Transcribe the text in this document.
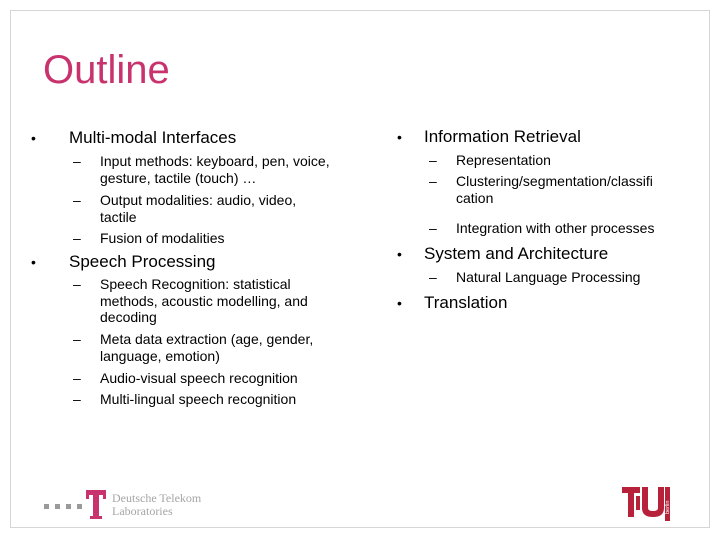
Outline
• Multi-modal Interfaces
– Input methods: keyboard, pen, voice, gesture, tactile (touch) …
– Output modalities: audio, video, tactile
– Fusion of modalities
• Speech Processing
– Speech Recognition: statistical methods, acoustic modelling, and decoding
– Meta data extraction (age, gender, language, emotion)
– Audio-visual speech recognition
– Multi-lingual speech recognition
• Information Retrieval
– Representation
– Clustering/segmentation/classifi cation
– Integration with other processes
• System and Architecture
– Natural Language Processing
• Translation
Deutsche Telekom
Laboratories	berlin
